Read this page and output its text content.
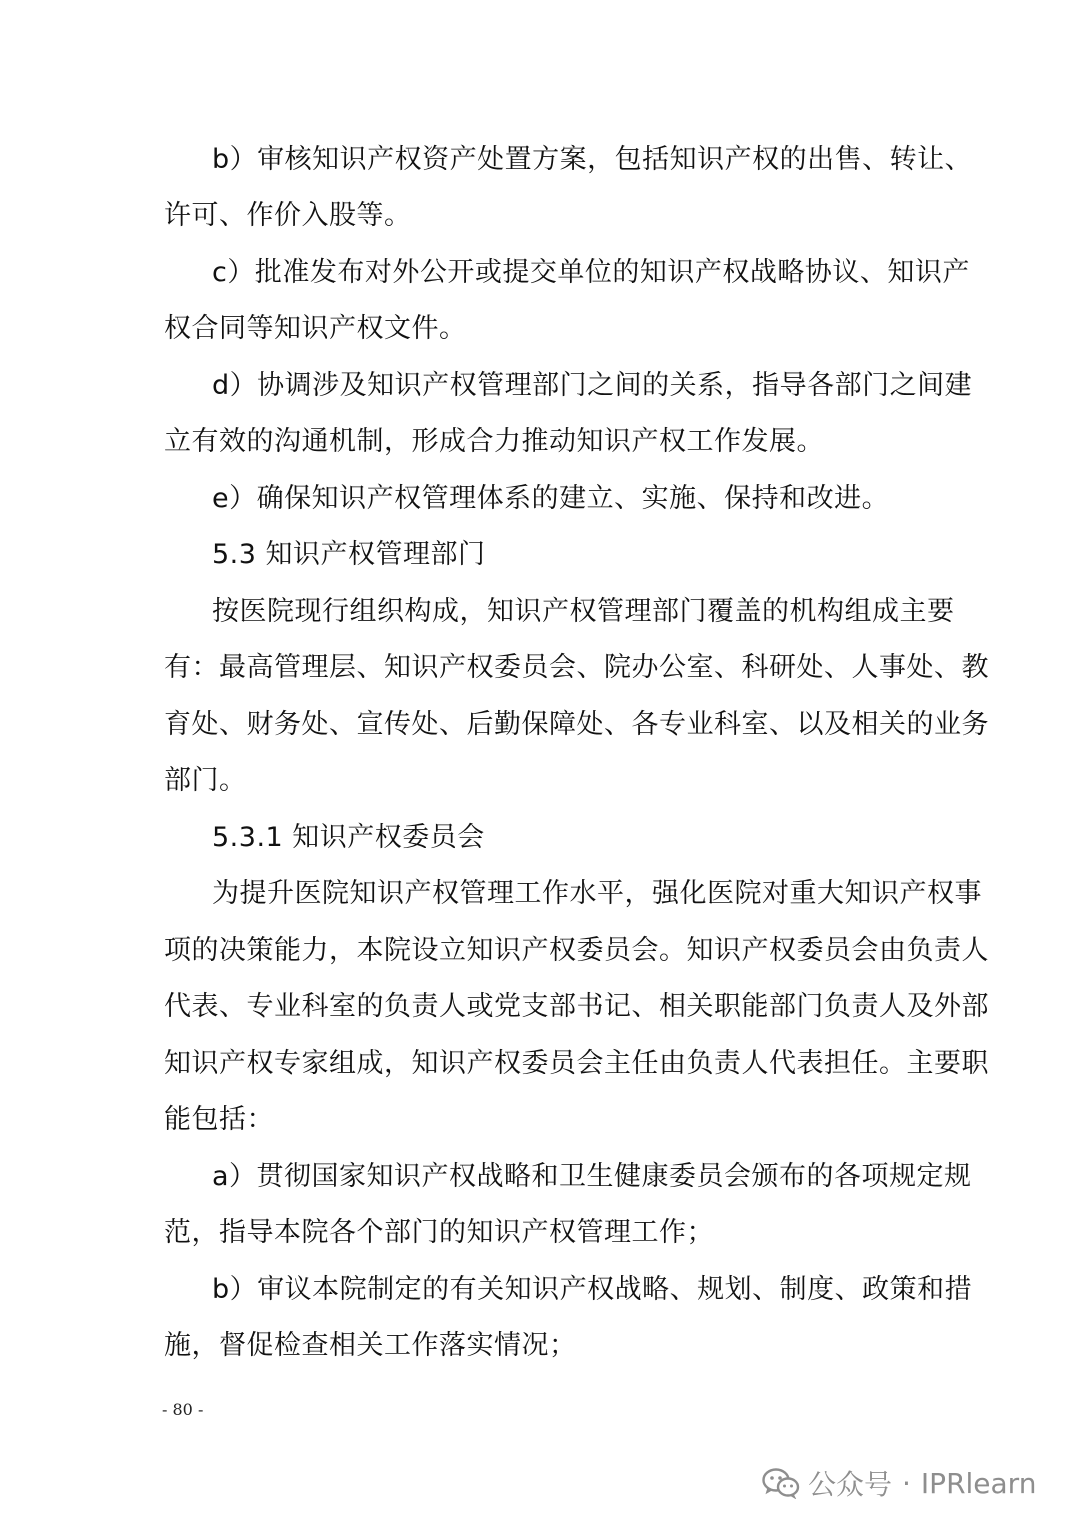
b）审核知识产权资产处置方案，包括知识产权的出售、转让、
许可、作价入股等。
c）批准发布对外公开或提交单位的知识产权战略协议、知识产
权合同等知识产权文件。
d）协调涉及知识产权管理部门之间的关系，指导各部门之间建
立有效的沟通机制，形成合力推动知识产权工作发展。
e）确保知识产权管理体系的建立、实施、保持和改进。
5.3 知识产权管理部门
按医院现行组织构成，知识产权管理部门覆盖的机构组成主要
有：最高管理层、知识产权委员会、院办公室、科研处、人事处、教
育处、财务处、宣传处、后勤保障处、各专业科室、以及相关的业务
部门。
5.3.1 知识产权委员会
为提升医院知识产权管理工作水平，强化医院对重大知识产权事
项的决策能力，本院设立知识产权委员会。知识产权委员会由负责人
代表、专业科室的负责人或党支部书记、相关职能部门负责人及外部
知识产权专家组成，知识产权委员会主任由负责人代表担任。主要职
能包括：
a）贯彻国家知识产权战略和卫生健康委员会颁布的各项规定规
范，指导本院各个部门的知识产权管理工作；
b）审议本院制定的有关知识产权战略、规划、制度、政策和措
施，督促检查相关工作落实情况；
- 80 -
公众号 · IPRlearn
